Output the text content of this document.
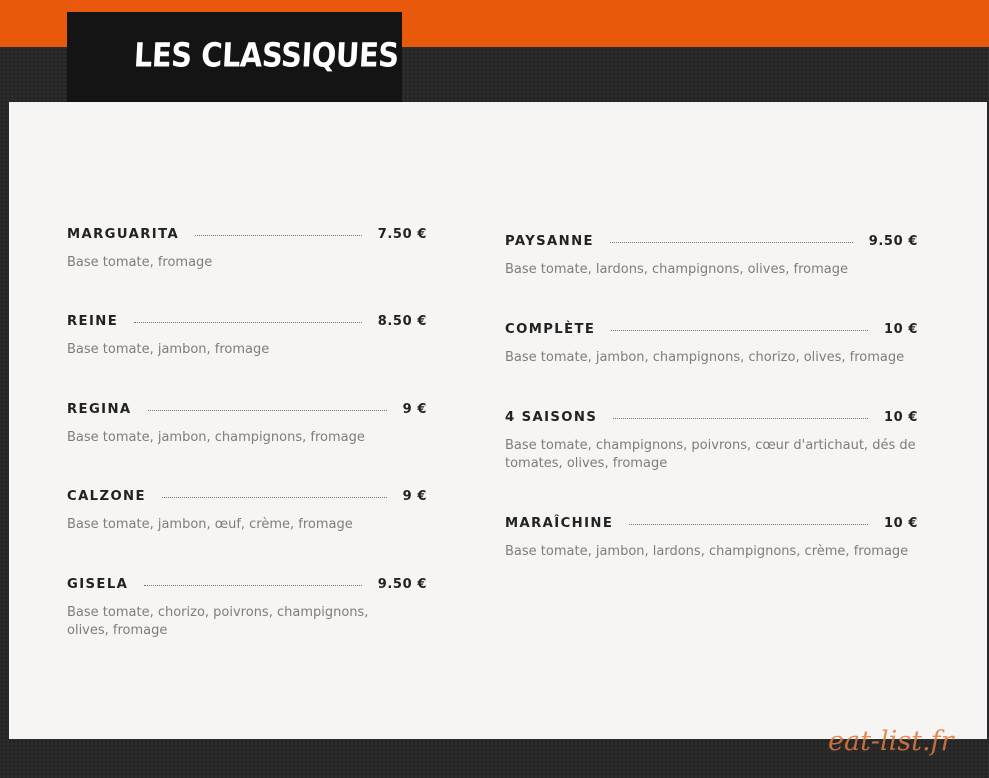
LES CLASSIQUES
MARGUARITA	7.50 €
Base tomate, fromage
REINE	8.50 €
Base tomate, jambon, fromage
REGINA	9 €
Base tomate, jambon, champignons, fromage
CALZONE	9 €
Base tomate, jambon, œuf, crème, fromage
GISELA	9.50 €
Base tomate, chorizo, poivrons, champignons, olives, fromage
PAYSANNE	9.50 €
Base tomate, lardons, champignons, olives, fromage
COMPLÈTE	10 €
Base tomate, jambon, champignons, chorizo, olives, fromage
4 SAISONS	10 €
Base tomate, champignons, poivrons, cœur d'artichaut, dés de tomates, olives, fromage
MARAÎCHINE	10 €
Base tomate, jambon, lardons, champignons, crème, fromage
eat-list.fr
